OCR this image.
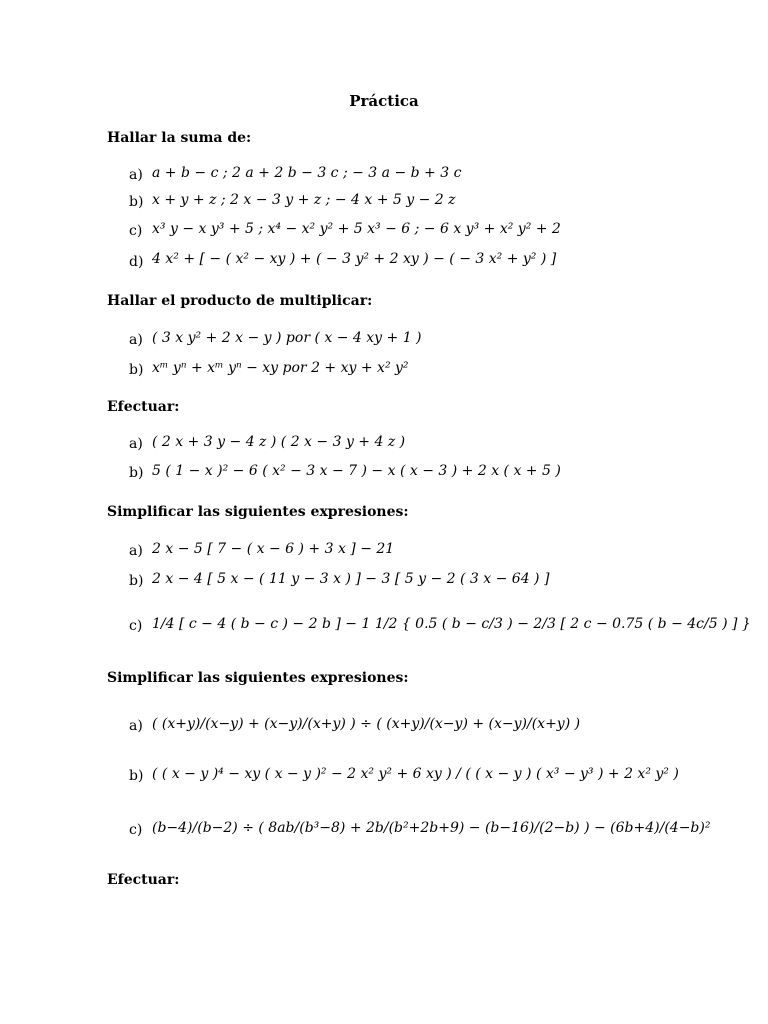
Práctica
Hallar la suma de:
a) a + b − c ; 2 a + 2 b − 3 c ; − 3 a − b + 3 c
b) x + y + z ; 2 x − 3 y + z ; − 4 x + 5 y − 2 z
c) x³ y − x y³ + 5 ; x⁴ − x² y² + 5 x³ − 6 ; − 6 x y³ + x² y² + 2
d) 4 x² + [ − ( x² − xy ) + ( − 3 y² + 2 xy ) − ( − 3 x² + y² ) ]
Hallar el producto de multiplicar:
a) ( 3 x y² + 2 x − y ) por ( x − 4 xy + 1 )
b) xᵐ yⁿ + xᵐ yⁿ − xy por 2 + xy + x² y²
Efectuar:
a) ( 2 x + 3 y − 4 z ) ( 2 x − 3 y + 4 z )
b) 5 ( 1 − x )² − 6 ( x² − 3 x − 7 ) − x ( x − 3 ) + 2 x ( x + 5 )
Simplificar las siguientes expresiones:
a) 2 x − 5 [ 7 − ( x − 6 ) + 3 x ] − 21
b) 2 x − 4 [ 5 x − ( 11 y − 3 x ) ] − 3 [ 5 y − 2 ( 3 x − 64 ) ]
c) 1/4 [ c − 4 ( b − c ) − 2 b ] − 1 1/2 { 0.5 ( b − c/3 ) − 2/3 [ 2 c − 0.75 ( b − 4c/5 ) ] }
Simplificar las siguientes expresiones:
a) ( (x+y)/(x−y) + (x−y)/(x+y) ) ÷ ( (x+y)/(x−y) + (x−y)/(x+y) )
b) ( ( x − y )⁴ − xy ( x − y )² − 2 x² y² + 6 xy ) / ( ( x − y ) ( x³ − y³ ) + 2 x² y² )
c) (b−4)/(b−2) ÷ ( 8ab/(b³−8) + 2b/(b²+2b+9) − (b−16)/(2−b) ) − (6b+4)/(4−b)²
Efectuar:
